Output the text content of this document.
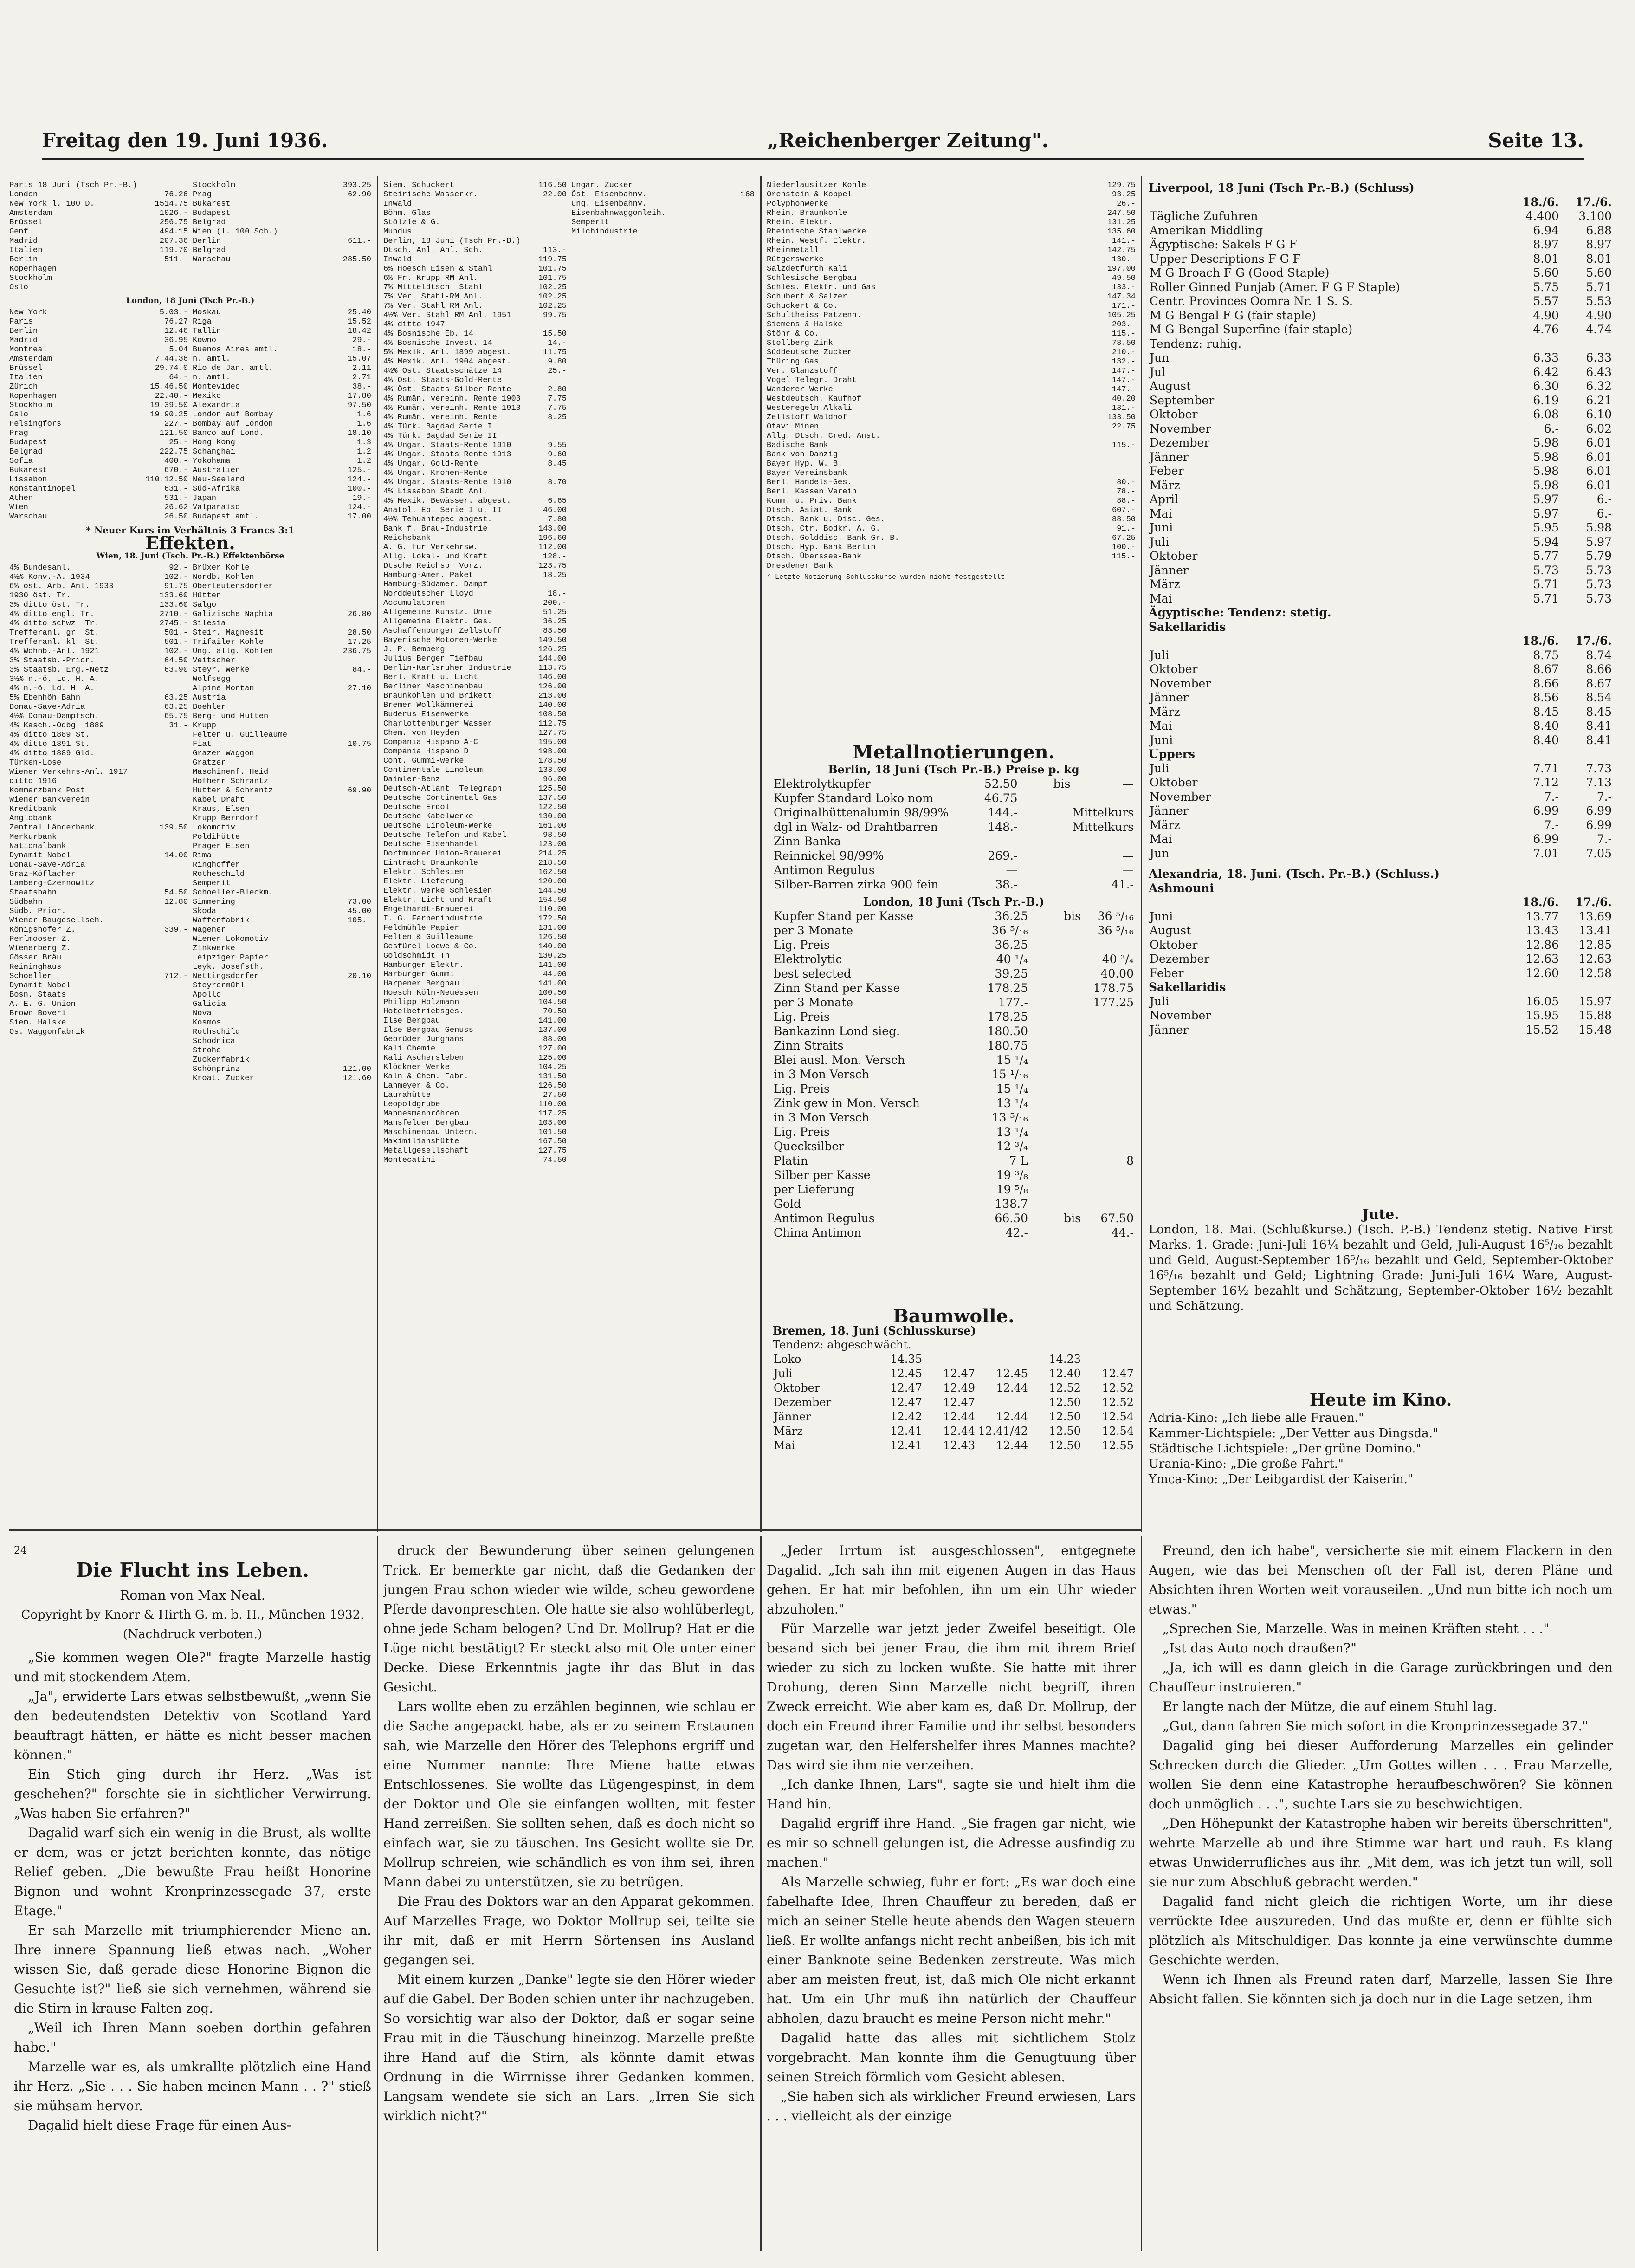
Freitag den 19. Juni 1936.	„Reichenberger Zeitung".	Seite 13.
Paris 18 Juni (Tsch Pr.-B.)	Stockholm	393.25
London	76.26 Prag	62.90
New York l. 100 D.	1514.75 Bukarest
Amsterdam	1026.- Budapest
Brüssel	256.75 Belgrad
Genf	494.15 Wien (l. 100 Sch.)
Madrid	207.36 Berlin	611.-
Italien	119.70 Belgrad
Berlin	511.- Warschau	285.50
Kopenhagen
Stockholm
Oslo
London, 18 Juni (Tsch Pr.-B.)
New York	5.03.- Moskau	25.40
Paris	76.27 Riga	15.52
Berlin	12.46 Tallin	18.42
Madrid	36.95 Kowno	29.-
Montreal	5.04 Buenos Aires amtl.	18.-
Amsterdam	7.44.36 n. amtl.	15.07
Brüssel	29.74.0 Rio de Jan. amtl.	2.11
Italien	64.- n. amtl.	2.71
Zürich	15.46.50 Montevideo	38.-
Kopenhagen	22.40.- Mexiko	17.80
Stockholm	19.39.50 Alexandria	97.50
Oslo	19.90.25 London auf Bombay	1.6
Helsingfors	227.- Bombay auf London	1.6
Prag	121.50 Banco auf Lond.	18.10
Budapest	25.- Hong Kong	1.3
Belgrad	222.75 Schanghai	1.2
Sofia	400.- Yokohama	1.2
Bukarest	670.- Australien	125.-
Lissabon	110.12.50 Neu-Seeland	124.-
Konstantinopel	631.- Süd-Afrika	100.-
Athen	531.- Japan	19.-
Wien	26.62 Valparaiso	124.-
Warschau	26.50 Budapest amtl.	17.00
* Neuer Kurs im Verhältnis 3 Francs 3:1
Effekten.
Wien, 18. Juni (Tsch. Pr.-B.) Effektenbörse
4% Bundesanl.	92.- Brüxer Kohle
4½% Konv.-A. 1934	102.- Nordb. Kohlen
6% öst. Arb. Anl. 1933	91.75 Oberleutensdorfer
1930 öst. Tr.	133.60 Hütten
3% ditto öst. Tr.	133.60 Salgo
4% ditto engl. Tr.	2710.- Galizische Naphta	26.80
4% ditto schwz. Tr.	2745.- Silesia
Trefferanl. gr. St.	501.- Steir. Magnesit	28.50
Trefferanl. kl. St.	501.- Trifailer Kohle	17.25
4% Wohnb.-Anl. 1921	102.- Ung. allg. Kohlen	236.75
3% Staatsb.-Prior.	64.50 Veitscher
3% Staatsb. Erg.-Netz	63.90 Steyr. Werke	84.-
3½% n.-ö. Ld. H. A.	Wolfsegg
4% n.-ö. Ld. H. A.	Alpine Montan	27.10
5% Ebenhöh Bahn	63.25 Austria
Donau-Save-Adria	63.25 Boehler
4½% Donau-Dampfsch.	65.75 Berg- und Hütten
4% Kasch.-Odbg. 1889	31.- Krupp
4% ditto 1889 St.	Felten u. Guilleaume
4% ditto 1891 St.	Fiat	10.75
4% ditto 1889 Gld.	Grazer Waggon
Türken-Lose	Gratzer
Wiener Verkehrs-Anl. 1917	Maschinenf. Heid
ditto 1916	Hofherr Schrantz
Kommerzbank Post	Hutter & Schrantz	69.90
Wiener Bankverein	Kabel Draht
Kreditbank	Kraus, Elsen
Anglobank	Krupp Berndorf
Zentral Länderbank	139.50 Lokomotiv
Merkurbank	Poldihütte
Nationalbank	Prager Eisen
Dynamit Nobel	14.00 Rima
Donau-Save-Adria	Ringhoffer
Graz-Köflacher	Rotheschild
Lamberg-Czernowitz	Semperit
Staatsbahn	54.50 Schoeller-Bleckm.
Südbahn	12.80 Simmering	73.00
Südb. Prior.	Skoda	45.00
Wiener Baugesellsch.	Waffenfabrik	105.-
Königshofer Z.	339.- Wagener
Perlmooser Z.	Wiener Lokomotiv
Wienerberg Z.	Zinkwerke
Gösser Bräu	Leipziger Papier
Reininghaus	Leyk. Josefsth.
Schoeller	712.- Nettingsdorfer	20.10
Dynamit Nobel	Steyrermühl
Bosn. Staats	Apollo
A. E. G. Union	Galicia
Brown Boveri	Nova
Siem. Halske	Kosmos
Ös. Waggonfabrik	Rothschild
Schodnica
Strohe
Zuckerfabrik
Schönprinz	121.00
Kroat. Zucker	121.60
Siem. Schuckert	116.50 Ungar. Zucker
Steirische Wasserkr.	22.00 Öst. Eisenbahnv.	168
Inwald	Ung. Eisenbahnv.
Böhm. Glas	Eisenbahnwaggonleih.
Stölzle & G.	Semperit
Mundus	Milchindustrie
Berlin, 18 Juni (Tsch Pr.-B.)
Dtsch. Anl. Anl. Sch.	113.-
Inwald	119.75
6% Hoesch Eisen & Stahl	101.75
6% Fr. Krupp RM Anl.	101.75
7% Mitteldtsch. Stahl	102.25
7% Ver. Stahl-RM Anl.	102.25
7% Ver. Stahl RM Anl.	102.25
4½% Ver. Stahl RM Anl. 1951	99.75
4% ditto 1947
4% Bosnische Eb. 14	15.50
4% Bosnische Invest. 14	14.-
5% Mexik. Anl. 1899 abgest.	11.75
4% Mexik. Anl. 1904 abgest.	9.80
4½% Öst. Staatsschätze 14	25.-
4% Öst. Staats-Gold-Rente
4% Öst. Staats-Silber-Rente	2.80
4% Rumän. vereinh. Rente 1903	7.75
4% Rumän. vereinh. Rente 1913	7.75
4% Rumän. vereinh. Rente	8.25
4% Türk. Bagdad Serie I
4% Türk. Bagdad Serie II
4% Ungar. Staats-Rente 1910	9.55
4% Ungar. Staats-Rente 1913	9.60
4% Ungar. Gold-Rente	8.45
4% Ungar. Kronen-Rente
4% Ungar. Staats-Rente 1910	8.70
4% Lissabon Stadt Anl.
4% Mexik. Bewässer. abgest.	6.65
Anatol. Eb. Serie I u. II	46.00
4½% Tehuantepec abgest.	7.80
Bank f. Brau-Industrie	143.00
Reichsbank	196.60
A. G. für Verkehrsw.	112.00
Allg. Lokal- und Kraft	128.-
Dtsche Reichsb. Vorz.	123.75
Hamburg-Amer. Paket	18.25
Hamburg-Südamer. Dampf
Norddeutscher Lloyd	18.-
Accumulatoren	200.-
Allgemeine Kunstz. Unie	51.25
Allgemeine Elektr. Ges.	36.25
Aschaffenburger Zellstoff	83.50
Bayerische Motoren-Werke	149.50
J. P. Bemberg	126.25
Julius Berger Tiefbau	144.00
Berlin-Karlsruher Industrie	113.75
Berl. Kraft u. Licht	146.00
Berliner Maschinenbau	126.00
Braunkohlen und Brikett	213.00
Bremer Wollkämmerei	140.00
Buderus Eisenwerke	108.50
Charlottenburger Wasser	112.75
Chem. von Heyden	127.75
Compania Hispano A-C	195.00
Compania Hispano D	198.00
Cont. Gummi-Werke	178.50
Continentale Linoleum	133.00
Daimler-Benz	96.00
Deutsch-Atlant. Telegraph	125.50
Deutsche Continental Gas	137.50
Deutsche Erdöl	122.50
Deutsche Kabelwerke	130.00
Deutsche Linoleum-Werke	161.00
Deutsche Telefon und Kabel	98.50
Deutsche Eisenhandel	123.00
Dortmunder Union-Brauerei	214.25
Eintracht Braunkohle	218.50
Elektr. Schlesien	162.50
Elektr. Lieferung	120.00
Elektr. Werke Schlesien	144.50
Elektr. Licht und Kraft	154.50
Engelhardt-Brauerei	110.00
I. G. Farbenindustrie	172.50
Feldmühle Papier	131.00
Felten & Guilleaume	126.50
Gesfürel Loewe & Co.	140.00
Goldschmidt Th.	130.25
Hamburger Elektr.	141.00
Harburger Gummi	44.00
Harpener Bergbau	141.00
Hoesch Köln-Neuessen	100.50
Philipp Holzmann	104.50
Hotelbetriebsges.	70.50
Ilse Bergbau	141.00
Ilse Bergbau Genuss	137.00
Gebrüder Junghans	88.00
Kali Chemie	127.00
Kali Aschersleben	125.00
Klöckner Werke	104.25
Kaln & Chem. Fabr.	131.50
Lahmeyer & Co.	126.50
Laurahütte	27.50
Leopoldgrube	110.00
Mannesmannröhren	117.25
Mansfelder Bergbau	103.00
Maschinenbau Untern.	101.50
Maximilianshütte	167.50
Metallgesellschaft	127.75
Montecatini	74.50
Niederlausitzer Kohle	129.75
Orenstein & Koppel	93.25
Polyphonwerke	26.-
Rhein. Braunkohle	247.50
Rhein. Elektr.	131.25
Rheinische Stahlwerke	135.60
Rhein. Westf. Elektr.	141.-
Rheinmetall	142.75
Rütgerswerke	130.-
Salzdetfurth Kali	197.00
Schlesische Bergbau	49.50
Schles. Elektr. und Gas	133.-
Schubert & Salzer	147.34
Schuckert & Co.	171.-
Schultheiss Patzenh.	105.25
Siemens & Halske	203.-
Stöhr & Co.	115.-
Stollberg Zink	78.50
Süddeutsche Zucker	210.-
Thüring Gas	132.-
Ver. Glanzstoff	147.-
Vogel Telegr. Draht	147.-
Wanderer Werke	147.-
Westdeutsch. Kaufhof	40.20
Westeregeln Alkali	131.-
Zellstoff Waldhof	133.50
Otavi Minen	22.75
Allg. Dtsch. Cred. Anst.
Badische Bank	115.-
Bank von Danzig
Bayer Hyp. W. B.
Bayer Vereinsbank
Berl. Handels-Ges.	80.-
Berl. Kassen Verein	78.-
Komm. u. Priv. Bank	88.-
Dtsch. Asiat. Bank	607.-
Dtsch. Bank u. Disc. Ges.	88.50
Dtsch. Ctr. Bodkr. A. G.	91.-
Dtsch. Golddisc. Bank Gr. B.	67.25
Dtsch. Hyp. Bank Berlin	100.-
Dtsch. Überssee-Bank	115.-
Dresdener Bank
* Letzte Notierung Schlusskurse wurden nicht festgestellt
Metallnotierungen.
Berlin, 18 Juni (Tsch Pr.-B.) Preise p. kg
Elektrolytkupfer	52.50	bis	—
Kupfer Standard Loko nom	46.75		
Originalhüttenalumin 98/99%	144.-		Mittelkurs
dgl in Walz- od Drahtbarren	148.-		Mittelkurs
Zinn Banka	—		—
Reinnickel 98/99%	269.-		—
Antimon Regulus	—		—
Silber-Barren zirka 900 fein	38.-		41.-
London, 18 Juni (Tsch Pr.-B.)
Kupfer Stand per Kasse	36.25	bis	36 ⁵/₁₆
per 3 Monate	36 ⁵/₁₆		36 ⁵/₁₆
Lig. Preis	36.25		
Elektrolytic	40 ¹/₄		40 ³/₄
best selected	39.25		40.00
Zinn Stand per Kasse	178.25		178.75
per 3 Monate	177.-		177.25
Lig. Preis	178.25		
Bankazinn Lond sieg.	180.50		
Zinn Straits	180.75		
Blei ausl. Mon. Versch	15 ¹/₄		
in 3 Mon Versch	15 ¹/₁₆		
Lig. Preis	15 ¹/₄		
Zink gew in Mon. Versch	13 ¹/₄		
in 3 Mon Versch	13 ⁵/₁₆		
Lig. Preis	13 ¹/₄		
Quecksilber	12 ³/₄		
Platin	7 L		8
Silber per Kasse	19 ³/₈		
per Lieferung	19 ⁵/₈		
Gold	138.7		
Antimon Regulus	66.50	bis	67.50
China Antimon	42.-		44.-
Baumwolle.
Bremen, 18. Juni (Schlusskurse)
Tendenz: abgeschwächt.
Loko	14.35			14.23	
Juli	12.45	12.47	12.45	12.40	12.47
Oktober	12.47	12.49	12.44	12.52	12.52
Dezember	12.47	12.47		12.50	12.52
Jänner	12.42	12.44	12.44	12.50	12.54
März	12.41	12.44	12.41/42	12.50	12.54
Mai	12.41	12.43	12.44	12.50	12.55
Liverpool, 18 Juni (Tsch Pr.-B.) (Schluss)
	18./6.	17./6.
Tägliche Zufuhren	4.400	3.100
Amerikan Middling	6.94	6.88
Ägyptische: Sakels F G F	8.97	8.97
Upper Descriptions F G F	8.01	8.01
M G Broach F G (Good Staple)	5.60	5.60
Roller Ginned Punjab (Amer. F G F Staple)	5.75	5.71
Centr. Provinces Oomra Nr. 1 S. S.	5.57	5.53
M G Bengal F G (fair staple)	4.90	4.90
M G Bengal Superfine (fair staple)	4.76	4.74
Tendenz: ruhig.		
Jun	6.33	6.33
Jul	6.42	6.43
August	6.30	6.32
September	6.19	6.21
Oktober	6.08	6.10
November	6.-	6.02
Dezember	5.98	6.01
Jänner	5.98	6.01
Feber	5.98	6.01
März	5.98	6.01
April	5.97	6.-
Mai	5.97	6.-
Juni	5.95	5.98
Juli	5.94	5.97
Oktober	5.77	5.79
Jänner	5.73	5.73
März	5.71	5.73
Mai	5.71	5.73
Ägyptische: Tendenz: stetig.
Sakellaridis
	18./6.	17./6.
Juli	8.75	8.74
Oktober	8.67	8.66
November	8.66	8.67
Jänner	8.56	8.54
März	8.45	8.45
Mai	8.40	8.41
Juni	8.40	8.41
Uppers
Juli	7.71	7.73
Oktober	7.12	7.13
November	7.-	7.-
Jänner	6.99	6.99
März	7.-	6.99
Mai	6.99	7.-
Jun	7.01	7.05
Alexandria, 18. Juni. (Tsch. Pr.-B.) (Schluss.)
Ashmouni
	18./6.	17./6.
Juni	13.77	13.69
August	13.43	13.41
Oktober	12.86	12.85
Dezember	12.63	12.63
Feber	12.60	12.58
Sakellaridis
Juli	16.05	15.97
November	15.95	15.88
Jänner	15.52	15.48
Jute.
London, 18. Mai. (Schlußkurse.) (Tsch. P.-B.) Tendenz stetig. Native First Marks. 1. Grade: Juni-Juli 16¼ bezahlt und Geld, Juli-August 16⁵/₁₆ bezahlt und Geld, August-September 16⁵/₁₆ bezahlt und Geld, September-Oktober 16⁵/₁₆ bezahlt und Geld; Lightning Grade: Juni-Juli 16¼ Ware, August-September 16½ bezahlt und Schätzung, September-Oktober 16½ bezahlt und Schätzung.
Heute im Kino.
Adria-Kino: „Ich liebe alle Frauen."
Kammer-Lichtspiele: „Der Vetter aus Dingsda."
Städtische Lichtspiele: „Der grüne Domino."
Urania-Kino: „Die große Fahrt."
Ymca-Kino: „Der Leibgardist der Kaiserin."
24
Die Flucht ins Leben.
Roman von Max Neal.
Copyright by Knorr & Hirth G. m. b. H., München 1932.
(Nachdruck verboten.)

„Sie kommen wegen Ole?" fragte Marzelle hastig und mit stockendem Atem.

„Ja", erwiderte Lars etwas selbstbewußt, „wenn Sie den bedeutendsten Detektiv von Scotland Yard beauftragt hätten, er hätte es nicht besser machen können."

Ein Stich ging durch ihr Herz. „Was ist geschehen?" forschte sie in sichtlicher Verwirrung. „Was haben Sie erfahren?"

Dagalid warf sich ein wenig in die Brust, als wollte er dem, was er jetzt berichten konnte, das nötige Relief geben. „Die bewußte Frau heißt Honorine Bignon und wohnt Kronprinzessegade 37, erste Etage."

Er sah Marzelle mit triumphierender Miene an. Ihre innere Spannung ließ etwas nach. „Woher wissen Sie, daß gerade diese Honorine Bignon die Gesuchte ist?" ließ sie sich vernehmen, während sie die Stirn in krause Falten zog.

„Weil ich Ihren Mann soeben dorthin gefahren habe."

Marzelle war es, als umkrallte plötzlich eine Hand ihr Herz. „Sie . . . Sie haben meinen Mann . . ?" stieß sie mühsam hervor.

Dagalid hielt diese Frage für einen Aus-

druck der Bewunderung über seinen gelungenen Trick. Er bemerkte gar nicht, daß die Gedanken der jungen Frau schon wieder wie wilde, scheu gewordene Pferde davonpreschten. Ole hatte sie also wohlüberlegt, ohne jede Scham belogen? Und Dr. Mollrup? Hat er die Lüge nicht bestätigt? Er steckt also mit Ole unter einer Decke. Diese Erkenntnis jagte ihr das Blut in das Gesicht.

Lars wollte eben zu erzählen beginnen, wie schlau er die Sache angepackt habe, als er zu seinem Erstaunen sah, wie Marzelle den Hörer des Telephons ergriff und eine Nummer nannte: Ihre Miene hatte etwas Entschlossenes. Sie wollte das Lügengespinst, in dem der Doktor und Ole sie einfangen wollten, mit fester Hand zerreißen. Sie sollten sehen, daß es doch nicht so einfach war, sie zu täuschen. Ins Gesicht wollte sie Dr. Mollrup schreien, wie schändlich es von ihm sei, ihren Mann dabei zu unterstützen, sie zu betrügen.

Die Frau des Doktors war an den Apparat gekommen. Auf Marzelles Frage, wo Doktor Mollrup sei, teilte sie ihr mit, daß er mit Herrn Sörtensen ins Ausland gegangen sei.

Mit einem kurzen „Danke" legte sie den Hörer wieder auf die Gabel. Der Boden schien unter ihr nachzugeben. So vorsichtig war also der Doktor, daß er sogar seine Frau mit in die Täuschung hineinzog. Marzelle preßte ihre Hand auf die Stirn, als könnte damit etwas Ordnung in die Wirrnisse ihrer Gedanken kommen. Langsam wendete sie sich an Lars. „Irren Sie sich wirklich nicht?"

„Jeder Irrtum ist ausgeschlossen", entgegnete Dagalid. „Ich sah ihn mit eigenen Augen in das Haus gehen. Er hat mir befohlen, ihn um ein Uhr wieder abzuholen."

Für Marzelle war jetzt jeder Zweifel beseitigt. Ole besand sich bei jener Frau, die ihm mit ihrem Brief wieder zu sich zu locken wußte. Sie hatte mit ihrer Drohung, deren Sinn Marzelle nicht begriff, ihren Zweck erreicht. Wie aber kam es, daß Dr. Mollrup, der doch ein Freund ihrer Familie und ihr selbst besonders zugetan war, den Helfershelfer ihres Mannes machte? Das wird sie ihm nie verzeihen.

„Ich danke Ihnen, Lars", sagte sie und hielt ihm die Hand hin.

Dagalid ergriff ihre Hand. „Sie fragen gar nicht, wie es mir so schnell gelungen ist, die Adresse ausfindig zu machen."

Als Marzelle schwieg, fuhr er fort: „Es war doch eine fabelhafte Idee, Ihren Chauffeur zu bereden, daß er mich an seiner Stelle heute abends den Wagen steuern ließ. Er wollte anfangs nicht recht anbeißen, bis ich mit einer Banknote seine Bedenken zerstreute. Was mich aber am meisten freut, ist, daß mich Ole nicht erkannt hat. Um ein Uhr muß ihn natürlich der Chauffeur abholen, dazu braucht es meine Person nicht mehr."

Dagalid hatte das alles mit sichtlichem Stolz vorgebracht. Man konnte ihm die Genugtuung über seinen Streich förmlich vom Gesicht ablesen.

„Sie haben sich als wirklicher Freund erwiesen, Lars . . . vielleicht als der einzige

Freund, den ich habe", versicherte sie mit einem Flackern in den Augen, wie das bei Menschen oft der Fall ist, deren Pläne und Absichten ihren Worten weit vorauseilen. „Und nun bitte ich noch um etwas."

„Sprechen Sie, Marzelle. Was in meinen Kräften steht . . ."

„Ist das Auto noch draußen?"

„Ja, ich will es dann gleich in die Garage zurückbringen und den Chauffeur instruieren."

Er langte nach der Mütze, die auf einem Stuhl lag.

„Gut, dann fahren Sie mich sofort in die Kronprinzessegade 37."

Dagalid ging bei dieser Aufforderung Marzelles ein gelinder Schrecken durch die Glieder. „Um Gottes willen . . . Frau Marzelle, wollen Sie denn eine Katastrophe heraufbeschwören? Sie können doch unmöglich . . .", suchte Lars sie zu beschwichtigen.

„Den Höhepunkt der Katastrophe haben wir bereits überschritten", wehrte Marzelle ab und ihre Stimme war hart und rauh. Es klang etwas Unwiderrufliches aus ihr. „Mit dem, was ich jetzt tun will, soll sie nur zum Abschluß gebracht werden."

Dagalid fand nicht gleich die richtigen Worte, um ihr diese verrückte Idee auszureden. Und das mußte er, denn er fühlte sich plötzlich als Mitschuldiger. Das konnte ja eine verwünschte dumme Geschichte werden.

Wenn ich Ihnen als Freund raten darf, Marzelle, lassen Sie Ihre Absicht fallen. Sie könnten sich ja doch nur in die Lage setzen, ihm
